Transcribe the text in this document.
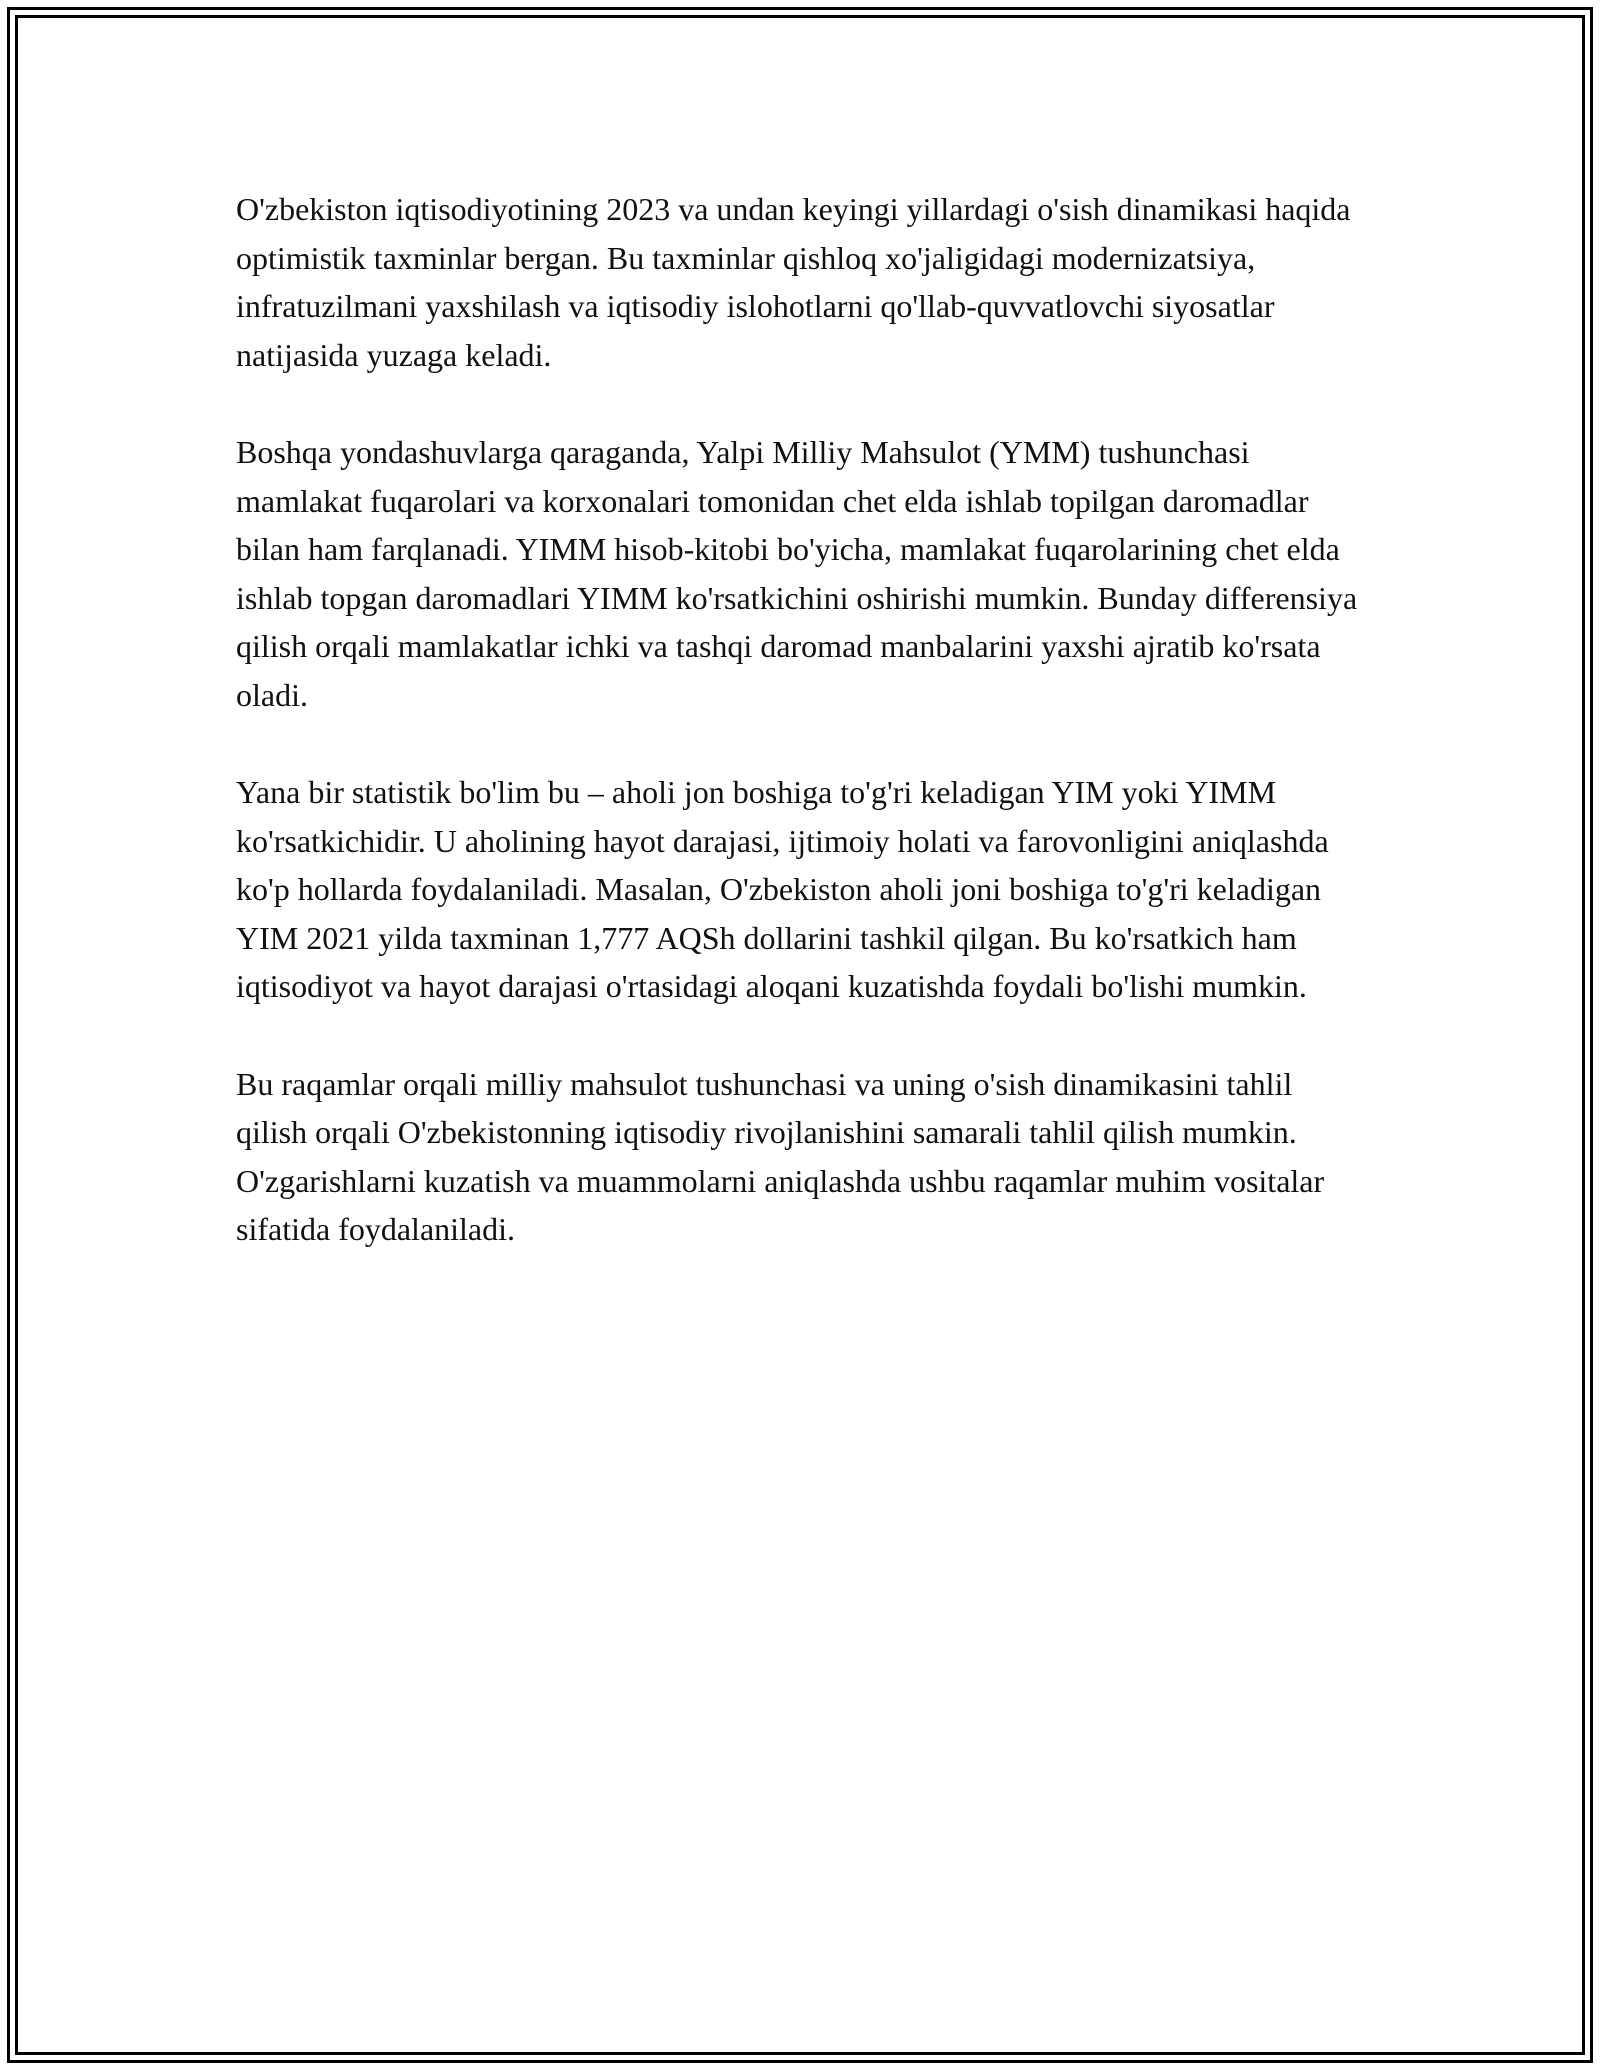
O'zbekiston iqtisodiyotining 2023 va undan keyingi yillardagi o'sish dinamikasi haqida optimistik taxminlar bergan. Bu taxminlar qishloq xo'jaligidagi modernizatsiya, infratuzilmani yaxshilash va iqtisodiy islohotlarni qo'llab-quvvatlovchi siyosatlar natijasida yuzaga keladi.

Boshqa yondashuvlarga qaraganda, Yalpi Milliy Mahsulot (YMM) tushunchasi mamlakat fuqarolari va korxonalari tomonidan chet elda ishlab topilgan daromadlar bilan ham farqlanadi. YIMM hisob-kitobi bo'yicha, mamlakat fuqarolarining chet elda ishlab topgan daromadlari YIMM ko'rsatkichini oshirishi mumkin. Bunday differensiya qilish orqali mamlakatlar ichki va tashqi daromad manbalarini yaxshi ajratib ko'rsata oladi.

Yana bir statistik bo'lim bu – aholi jon boshiga to'g'ri keladigan YIM yoki YIMM ko'rsatkichidir. U aholining hayot darajasi, ijtimoiy holati va farovonligini aniqlashda ko'p hollarda foydalaniladi. Masalan, O'zbekiston aholi joni boshiga to'g'ri keladigan YIM 2021 yilda taxminan 1,777 AQSh dollarini tashkil qilgan. Bu ko'rsatkich ham iqtisodiyot va hayot darajasi o'rtasidagi aloqani kuzatishda foydali bo'lishi mumkin.

Bu raqamlar orqali milliy mahsulot tushunchasi va uning o'sish dinamikasini tahlil qilish orqali O'zbekistonning iqtisodiy rivojlanishini samarali tahlil qilish mumkin. O'zgarishlarni kuzatish va muammolarni aniqlashda ushbu raqamlar muhim vositalar sifatida foydalaniladi.
